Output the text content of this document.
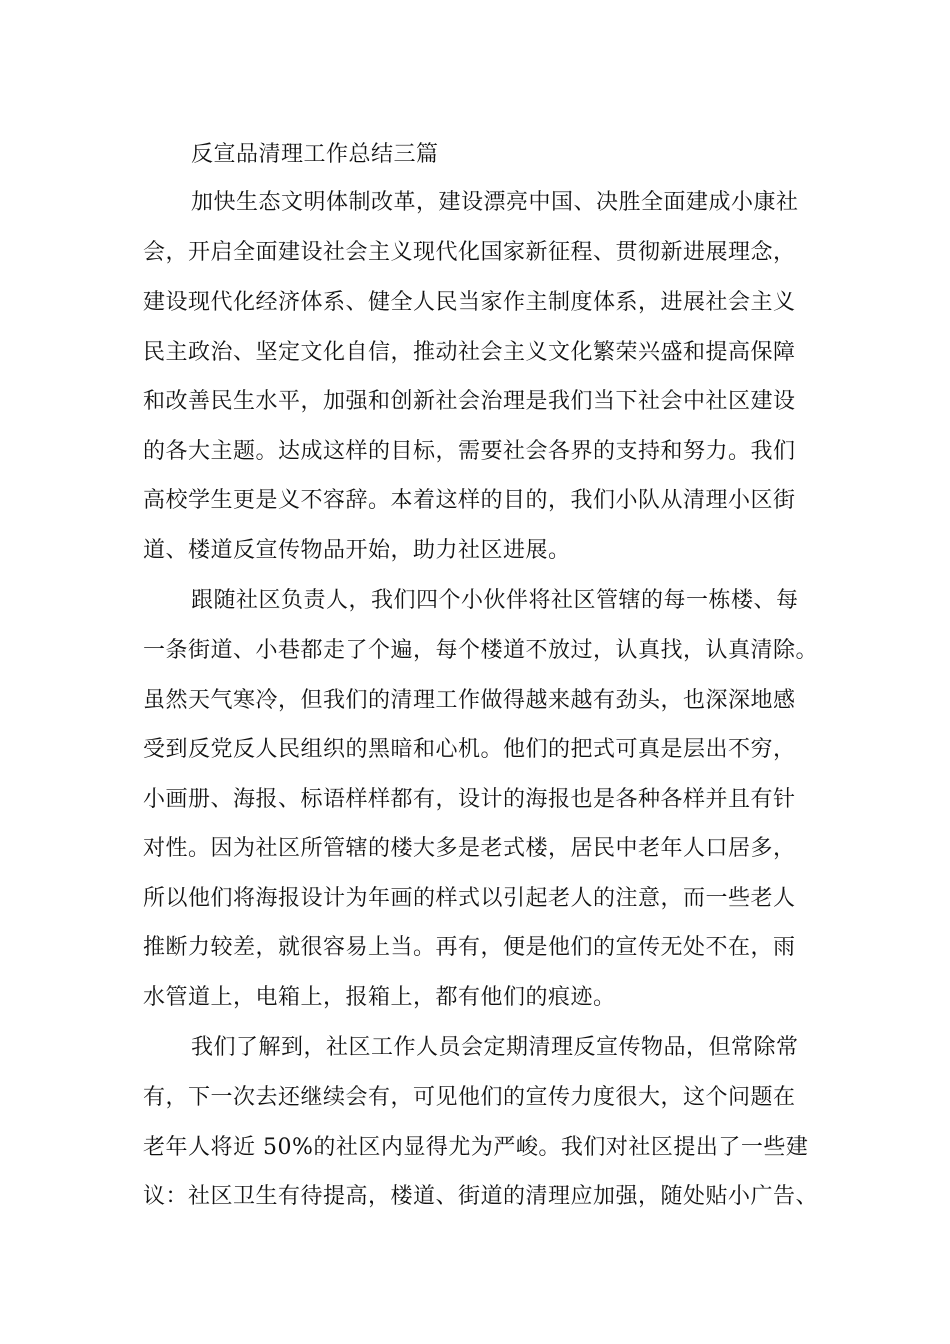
反宣品清理工作总结三篇
加快生态文明体制改革，建设漂亮中国、决胜全面建成小康社
会，开启全面建设社会主义现代化国家新征程、贯彻新进展理念，
建设现代化经济体系、健全人民当家作主制度体系，进展社会主义
民主政治、坚定文化自信，推动社会主义文化繁荣兴盛和提高保障
和改善民生水平，加强和创新社会治理是我们当下社会中社区建设
的各大主题。达成这样的目标，需要社会各界的支持和努力。我们
高校学生更是义不容辞。本着这样的目的，我们小队从清理小区街
道、楼道反宣传物品开始，助力社区进展。
跟随社区负责人，我们四个小伙伴将社区管辖的每一栋楼、每
一条街道、小巷都走了个遍，每个楼道不放过，认真找，认真清除。
虽然天气寒冷，但我们的清理工作做得越来越有劲头，也深深地感
受到反党反人民组织的黑暗和心机。他们的把式可真是层出不穷，
小画册、海报、标语样样都有，设计的海报也是各种各样并且有针
对性。因为社区所管辖的楼大多是老式楼，居民中老年人口居多，
所以他们将海报设计为年画的样式以引起老人的注意，而一些老人
推断力较差，就很容易上当。再有，便是他们的宣传无处不在，雨
水管道上，电箱上，报箱上，都有他们的痕迹。
我们了解到，社区工作人员会定期清理反宣传物品，但常除常
有，下一次去还继续会有，可见他们的宣传力度很大，这个问题在
老年人将近 50%的社区内显得尤为严峻。我们对社区提出了一些建
议：社区卫生有待提高，楼道、街道的清理应加强，随处贴小广告、
